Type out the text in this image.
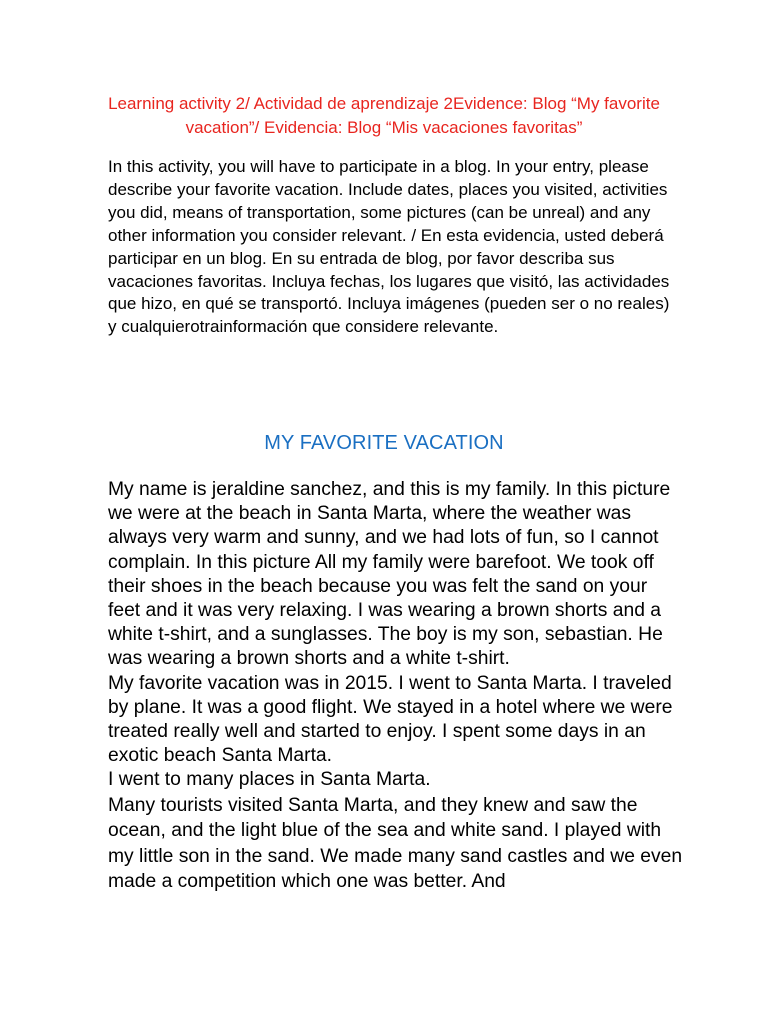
Learning activity 2/ Actividad de aprendizaje 2Evidence: Blog “My favorite vacation”/ Evidencia: Blog “Mis vacaciones favoritas”
In this activity, you will have to participate in a blog. In your entry, please describe your favorite vacation. Include dates, places you visited, activities you did, means of transportation, some pictures (can be unreal) and any other information you consider relevant. / En esta evidencia, usted deberá participar en un blog. En su entrada de blog, por favor describa sus vacaciones favoritas. Incluya fechas, los lugares que visitó, las actividades que hizo, en qué se transportó. Incluya imágenes (pueden ser o no reales) y cualquierotrainformación que considere relevante.
MY FAVORITE VACATION

My name is jeraldine sanchez, and this is my family. In this picture we were at the beach in Santa Marta, where the weather was always very warm and sunny, and we had lots of fun, so I cannot complain. In this picture All my family were barefoot. We took off their shoes in the beach because you was felt the sand on your feet and it was very relaxing. I was wearing a brown shorts and a white t-shirt, and a sunglasses. The boy is my son, sebastian. He was wearing a brown shorts and a white t-shirt.

My favorite vacation was in 2015. I went to Santa Marta. I traveled by plane. It was a good flight. We stayed in a hotel where we were treated really well and started to enjoy. I spent some days in an exotic beach Santa Marta.

I went to many places in Santa Marta.

Many tourists visited Santa Marta, and they knew and saw the ocean, and the light blue of the sea and white sand. I played with my little son in the sand. We made many sand castles and we even made a competition which one was better. And
